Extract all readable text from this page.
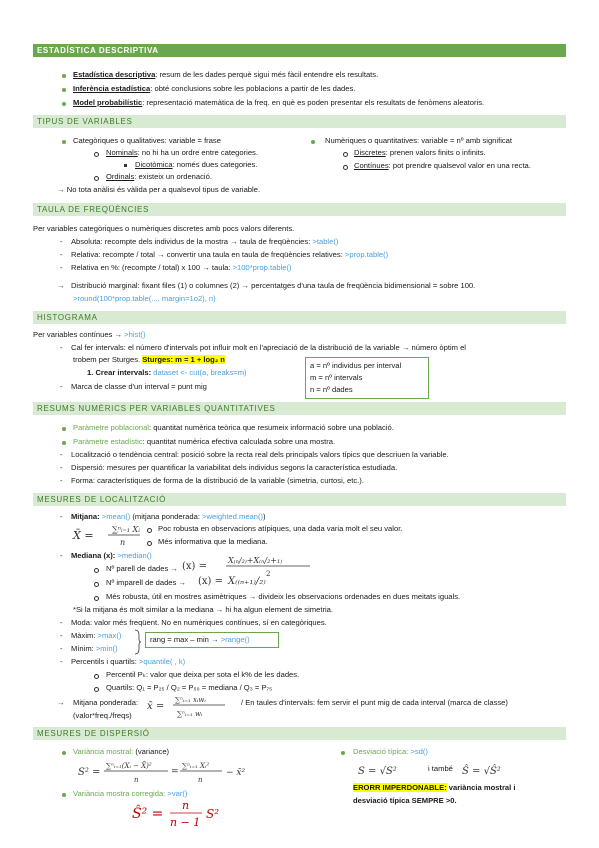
ESTADÍSTICA DESCRIPTIVA
Estadística descriptiva: resum de les dades perquè sigui més fàcil entendre els resultats.
Inferència estadística: obté conclusions sobre les poblacions a partir de les dades.
Model probabilístic: representació matemàtica de la freq. en què es poden presentar els resultats de fenòmens aleatoris.
TIPUS DE VARIABLES
Categòriques o qualitatives: variable = frase
Nominals: no hi ha un ordre entre categories.
Dicotòmica: només dues categories.
Ordinals: existeix un ordenació.
→ No tota anàlisi és vàlida per a qualsevol tipus de variable.
Numèriques o quantitatives: variable = nº amb significat
Discretes: prenen valors finits o infinits.
Contínues: pot prendre qualsevol valor en una recta.
TAULA DE FREQÜÈNCIES
Per variables categòriques o numèriques discretes amb pocs valors diferents.
-    Absoluta: recompte dels individus de la mostra → taula de freqüències: >table()
-    Relativa: recompte / total → convertir una taula en taula de freqüències relatives: >prop.table()
-    Relativa en %: (recompte / total) x 100 → taula: >100*prop.table()
→   Distribució marginal: fixant files (1) o columnes (2) → percentatges d'una taula de freqüència bidimensional = sobre 100.
>round(100*prop.table(..., margin=1o2), n)
HISTOGRAMA
Per variables contínues → >hist()
-    Cal fer intervals: el número d'intervals pot influir molt en l'apreciació de la distribució de la variable → número òptim el
trobem per Sturges. Sturges: m = 1 + log₂ n
1. Crear intervals: dataset <- cut(a, breaks=m)
-    Marca de classe d'un interval = punt mig
a = nº individus per interval
m = nº intervals
n = nº dades
RESUMS NUMÈRICS PER VARIABLES QUANTITATIVES
Paràmetre poblacional: quantitat numèrica teòrica que resumeix informació sobre una població.
Paràmetre estadístic: quantitat numèrica efectiva calculada sobre una mostra.
-    Localització o tendència central: posició sobre la recta real dels principals valors típics que descriuen la variable.
-    Dispersió: mesures per quantificar la variabilitat dels individus segons la característica estudiada.
-    Forma: característiques de forma de la distribució de la variable (simetria, curtosi, etc.).
MESURES DE LOCALITZACIÓ
-    Mitjana: >mean() (mitjana ponderada: >weighted.mean())
X̄ = ∑ⁿᵢ₌₁ Xᵢ
n
Poc robusta en observacions atípiques, una dada varia molt el seu valor.
Més informativa que la mediana.
-    Mediana (x): >median()
Nº parell de dades → (x) =
X₍ₙ/₂₎+X₍ₙ/₂+₁₎
2
Nº imparell de dades → (x) = X₍₍ₙ₊₁₎/₂₎
Més robusta, útil en mostres asimètriques → divideix les observacions ordenades en dues meitats iguals.
*Si la mitjana és molt similar a la mediana → hi ha algun element de simetria.
-    Moda: valor més freqüent. No en numèriques contínues, sí en categòriques.
-    Màxim: >max()
-    Mínim: >min()
rang = max – min → >range()
-    Percentils i quartils: >quantile( , k)
Percentil Pₖ: valor que deixa per sota el k% de les dades.
Quartils: Q₁ = P₂₅ / Q₂ = P₅₀ = mediana / Q₃ = P₇₅
→    Mitjana ponderada: x̄ =
∑ⁿᵢ₌₁ xᵢwᵢ
∑ⁿᵢ₌₁ wᵢ
/ En taules d'intervals: fem servir el punt mig de cada interval (marca de classe)
(valor*freq./freqs)
MESURES DE DISPERSIÓ
Variància mostral: (variance)
S² =
∑ⁿᵢ₌₁(Xᵢ − X̄)²
n
=
∑ⁿᵢ₌₁ Xᵢ²
n
− x̄²
Variància mostra corregida: >var()
Ŝ² =
n
n − 1
S²
Desviació típica: >sd()
S = √S²	i també Ŝ = √Ŝ²
ERORR IMPERDONABLE: variància mostral i
desviació típica SEMPRE >0.
